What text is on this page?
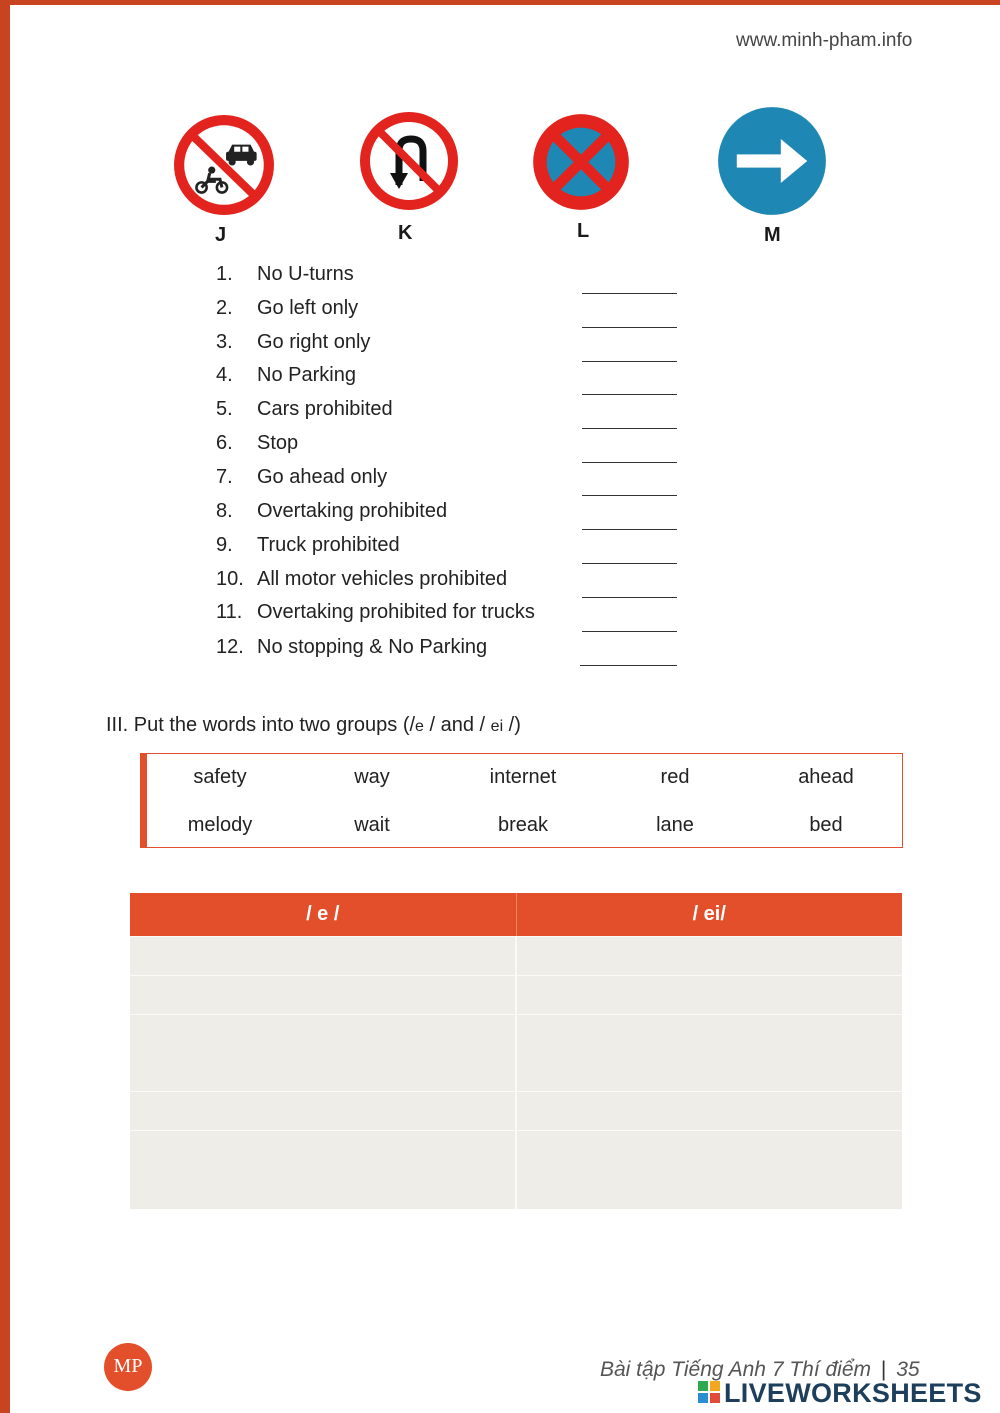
www.minh-pham.info
J	K	L	M
1. No U-turns
2. Go left only
3. Go right only
4. No Parking
5. Cars prohibited
6. Stop
7. Go ahead only
8. Overtaking prohibited
9. Truck prohibited
10. All motor vehicles prohibited
11. Overtaking prohibited for trucks
12. No stopping & No Parking
III. Put the words into two groups (/e / and / ei /)
safety	way	internet	red	ahead
melody	wait	break	lane	bed
/ e /	/ ei/
MP	Bài tập Tiếng Anh 7 Thí điểm | 35
LIVEWORKSHEETS
